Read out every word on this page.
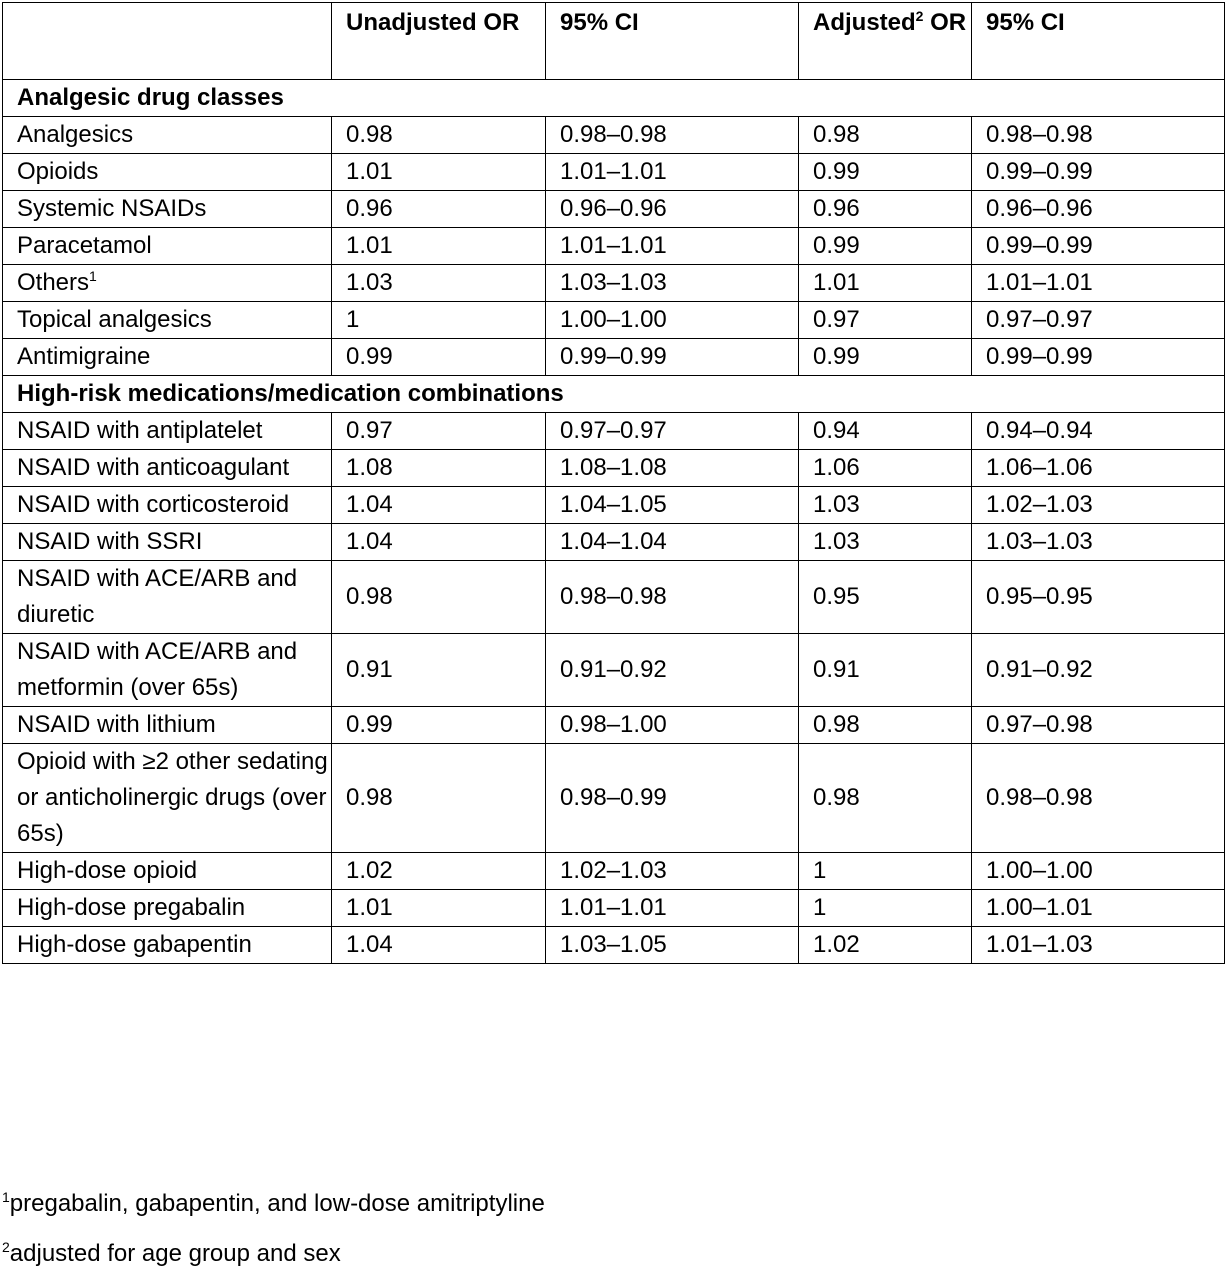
	Unadjusted OR	95% CI	Adjusted$^2$ OR	95% CI
Analgesic drug classes				
Analgesics	0.98	0.98–0.98	0.98	0.98–0.98
Opioids	1.01	1.01–1.01	0.99	0.99–0.99
Systemic NSAIDs	0.96	0.96–0.96	0.96	0.96–0.96
Paracetamol	1.01	1.01–1.01	0.99	0.99–0.99
Others$^1$	1.03	1.03–1.03	1.01	1.01–1.01
Topical analgesics	1	1.00–1.00	0.97	0.97–0.97
Antimigraine	0.99	0.99–0.99	0.99	0.99–0.99
High-risk medications/medication combinations				
NSAID with antiplatelet	0.97	0.97–0.97	0.94	0.94–0.94
NSAID with anticoagulant	1.08	1.08–1.08	1.06	1.06–1.06
NSAID with corticosteroid	1.04	1.04–1.05	1.03	1.02–1.03
NSAID with SSRI	1.04	1.04–1.04	1.03	1.03–1.03
NSAID with ACE/ARB and diuretic	0.98	0.98–0.98	0.95	0.95–0.95
NSAID with ACE/ARB and metformin (over 65s)	0.91	0.91–0.92	0.91	0.91–0.92
NSAID with lithium	0.99	0.98–1.00	0.98	0.97–0.98
Opioid with ≥2 other sedating or anticholinergic drugs (over 65s)	0.98	0.98–0.99	0.98	0.98–0.98
High-dose opioid	1.02	1.02–1.03	1	1.00–1.00
High-dose pregabalin	1.01	1.01–1.01	1	1.00–1.01
High-dose gabapentin	1.04	1.03–1.05	1.02	1.01–1.03

$^1$pregabalin, gabapentin, and low-dose amitriptyline

$^2$adjusted for age group and sex
